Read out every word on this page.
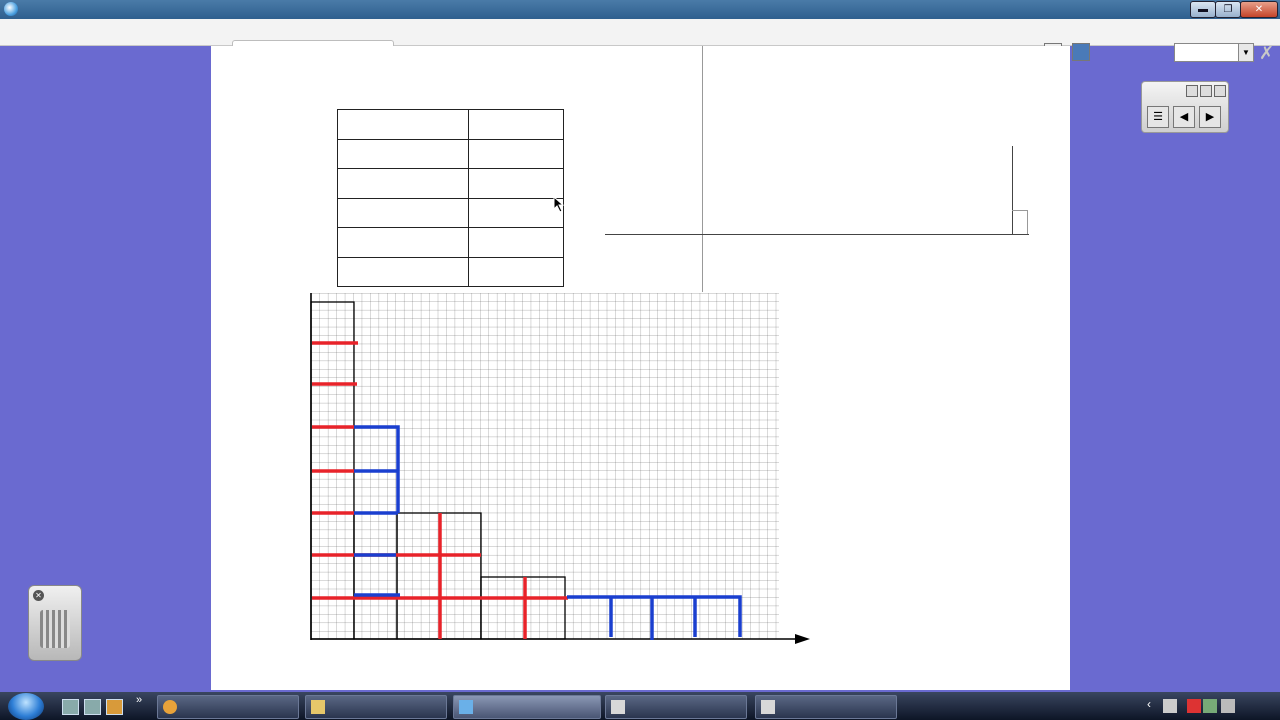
▬	❐	✕
▼ ✗

☰	◀	▶
✕
»	‹
